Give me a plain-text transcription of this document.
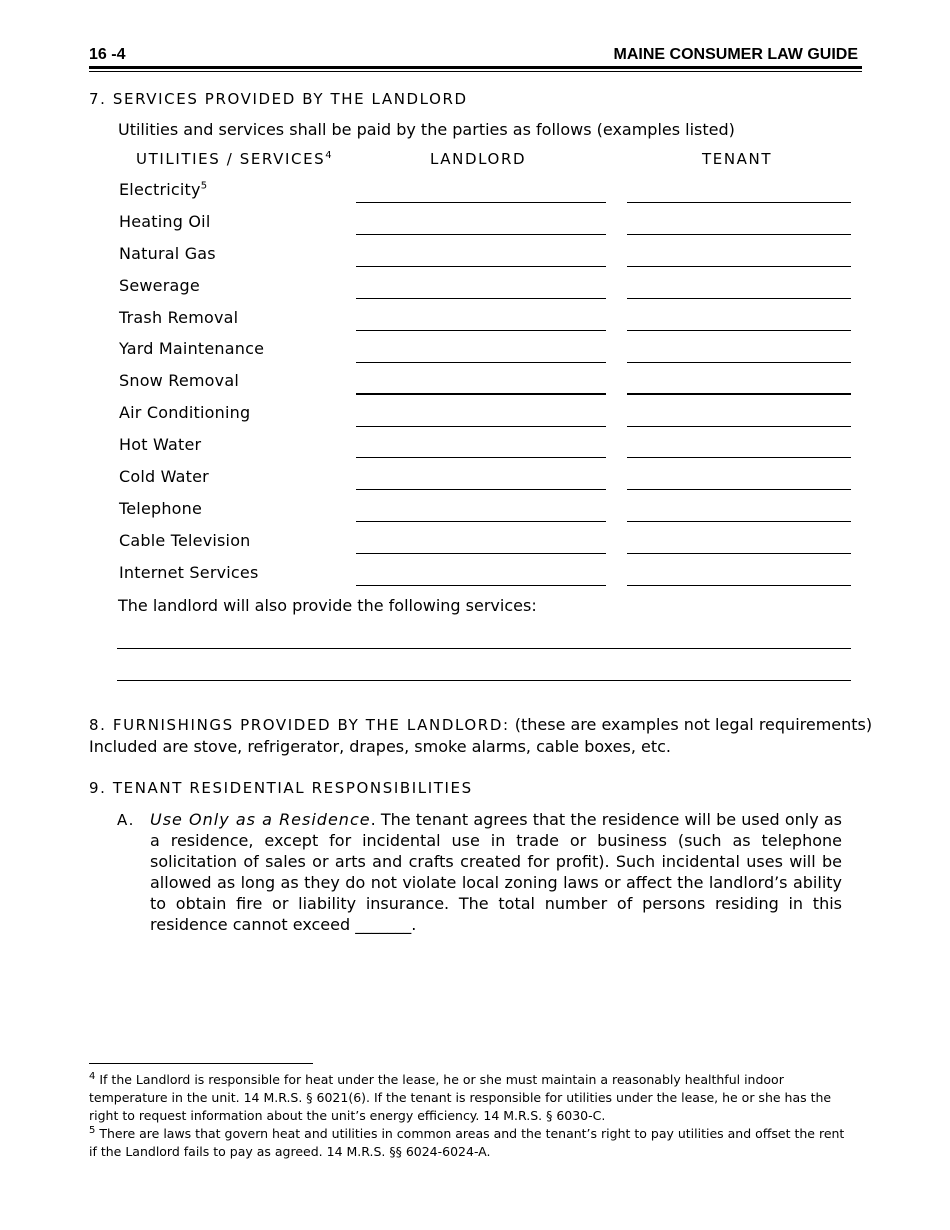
16 -4	MAINE CONSUMER LAW GUIDE
7. SERVICES PROVIDED BY THE LANDLORD
Utilities and services shall be paid by the parties as follows (examples listed)
UTILITIES / SERVICES$^4$	LANDLORD	TENANT
Electricity$^5$
Heating Oil
Natural Gas
Sewerage
Trash Removal
Yard Maintenance
Snow Removal
Air Conditioning
Hot Water
Cold Water
Telephone
Cable Television
Internet Services
The landlord will also provide the following services:
8. FURNISHINGS PROVIDED BY THE LANDLORD: (these are examples not legal requirements)
Included are stove, refrigerator, drapes, smoke alarms, cable boxes, etc.
9. TENANT RESIDENTIAL RESPONSIBILITIES
A. Use Only as a Residence. The tenant agrees that the residence will be used only as a residence, except for incidental use in trade or business (such as telephone solicitation of sales or arts and crafts created for profit). Such incidental uses will be allowed as long as they do not violate local zoning laws or affect the landlord’s ability to obtain fire or liability insurance. The total number of persons residing in this residence cannot exceed _______.
$^4$ If the Landlord is responsible for heat under the lease, he or she must maintain a reasonably healthful indoor temperature in the unit. 14 M.R.S. § 6021(6). If the tenant is responsible for utilities under the lease, he or she has the right to request information about the unit’s energy efficiency. 14 M.R.S. § 6030-C.
$^5$ There are laws that govern heat and utilities in common areas and the tenant’s right to pay utilities and offset the rent if the Landlord fails to pay as agreed. 14 M.R.S. §§ 6024-6024-A.
